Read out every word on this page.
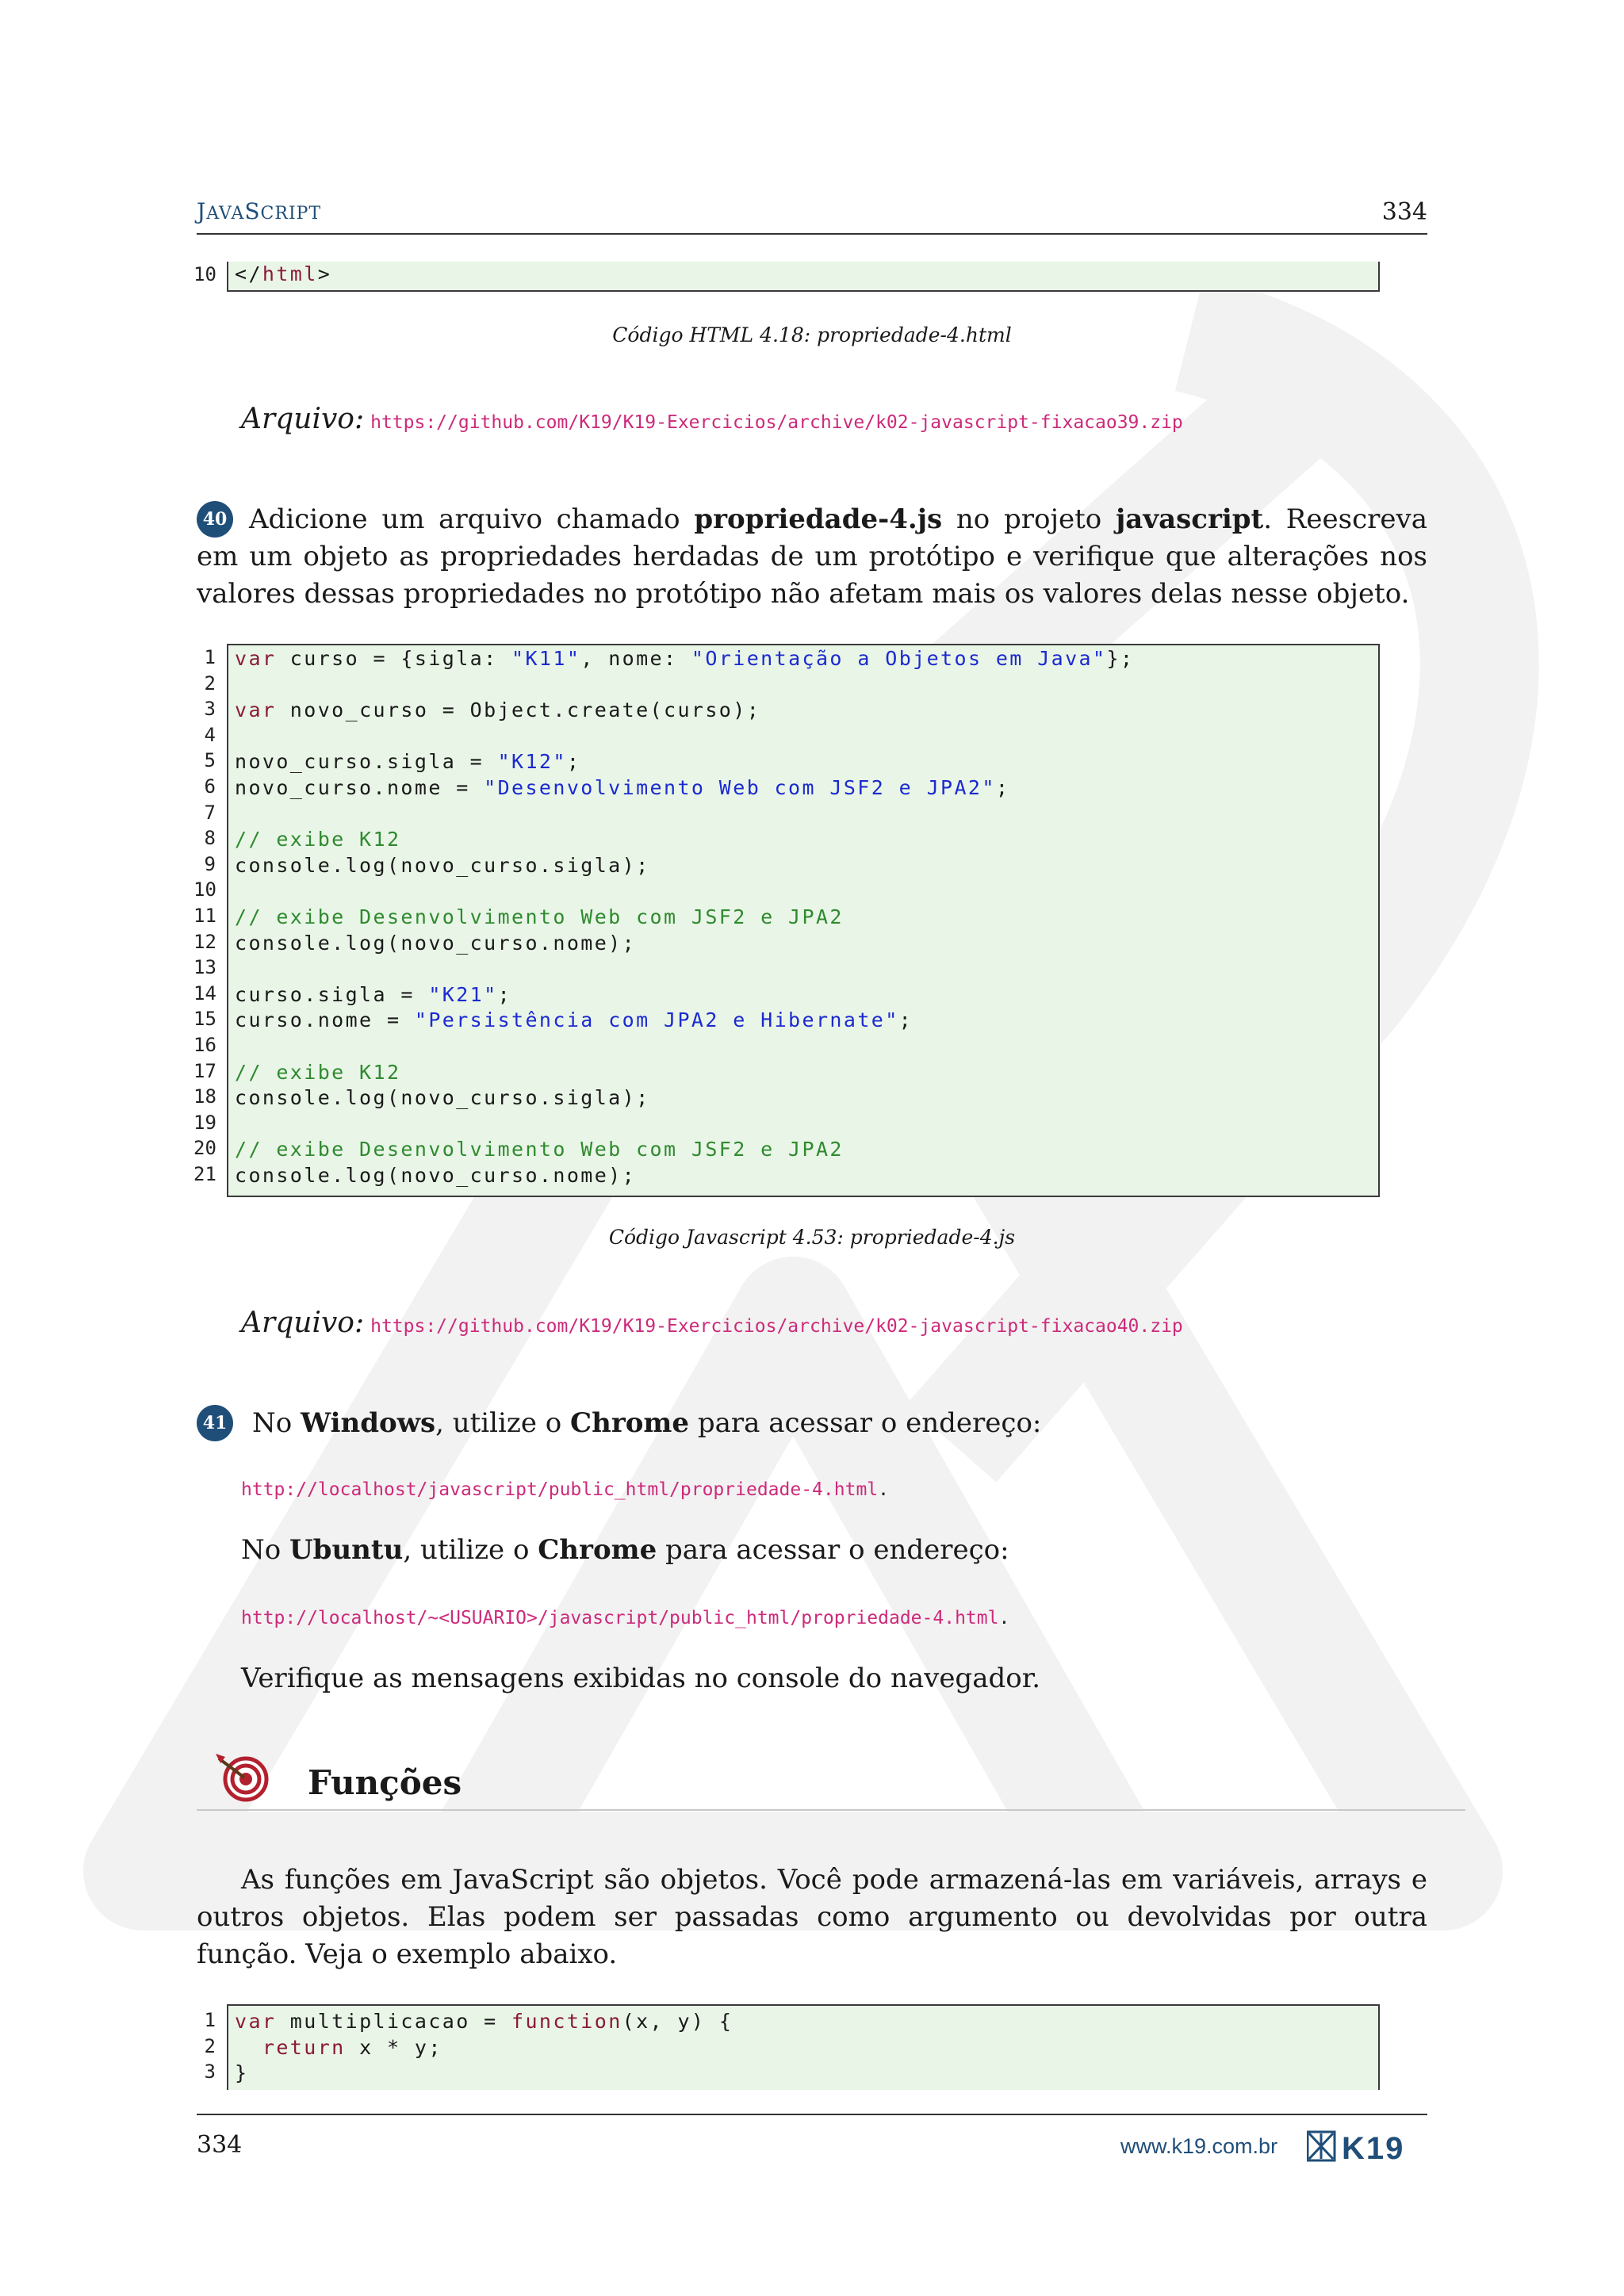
JAVASCRIPT	334
</html>
Código HTML 4.18: propriedade-4.html
Arquivo: https://github.com/K19/K19-Exercicios/archive/k02-javascript-fixacao39.zip
40 Adicione um arquivo chamado propriedade-4.js no projeto javascript. Reescreva em um objeto as propriedades herdadas de um protótipo e verifique que alterações nos valores dessas propriedades no protótipo não afetam mais os valores delas nesse objeto.
var curso = {sigla: "K11", nome: "Orientação a Objetos em Java"};
var novo_curso = Object.create(curso);
novo_curso.sigla = "K12";
novo_curso.nome = "Desenvolvimento Web com JSF2 e JPA2";
// exibe K12
console.log(novo_curso.sigla);
// exibe Desenvolvimento Web com JSF2 e JPA2
console.log(novo_curso.nome);
curso.sigla = "K21";
curso.nome = "Persistência com JPA2 e Hibernate";
// exibe K12
console.log(novo_curso.sigla);
// exibe Desenvolvimento Web com JSF2 e JPA2
console.log(novo_curso.nome);
Código Javascript 4.53: propriedade-4.js
Arquivo: https://github.com/K19/K19-Exercicios/archive/k02-javascript-fixacao40.zip
41 No Windows, utilize o Chrome para acessar o endereço:
http://localhost/javascript/public_html/propriedade-4.html.
No Ubuntu, utilize o Chrome para acessar o endereço:
http://localhost/~<USUARIO>/javascript/public_html/propriedade-4.html.
Verifique as mensagens exibidas no console do navegador.
Funções
As funções em JavaScript são objetos. Você pode armazená-las em variáveis, arrays e outros objetos. Elas podem ser passadas como argumento ou devolvidas por outra função. Veja o exemplo abaixo.
var multiplicacao = function(x, y) {
return x * y;
}
334	www.k19.com.br K19
10
1
2
3
4
5
6
7
8
9
10
11
12
13
14
15
16
17
18
19
20
21
1
2
3
